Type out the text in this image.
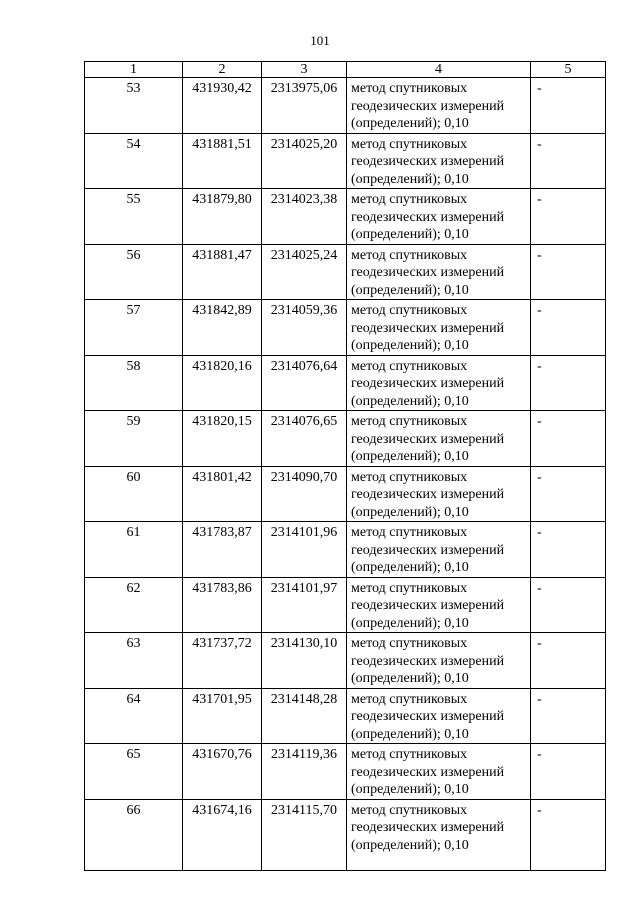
101
1	2	3	4	5
53	431930,42	2313975,06	метод спутниковых геодезических измерений (определений); 0,10	-
54	431881,51	2314025,20	метод спутниковых геодезических измерений (определений); 0,10	-
55	431879,80	2314023,38	метод спутниковых геодезических измерений (определений); 0,10	-
56	431881,47	2314025,24	метод спутниковых геодезических измерений (определений); 0,10	-
57	431842,89	2314059,36	метод спутниковых геодезических измерений (определений); 0,10	-
58	431820,16	2314076,64	метод спутниковых геодезических измерений (определений); 0,10	-
59	431820,15	2314076,65	метод спутниковых геодезических измерений (определений); 0,10	-
60	431801,42	2314090,70	метод спутниковых геодезических измерений (определений); 0,10	-
61	431783,87	2314101,96	метод спутниковых геодезических измерений (определений); 0,10	-
62	431783,86	2314101,97	метод спутниковых геодезических измерений (определений); 0,10	-
63	431737,72	2314130,10	метод спутниковых геодезических измерений (определений); 0,10	-
64	431701,95	2314148,28	метод спутниковых геодезических измерений (определений); 0,10	-
65	431670,76	2314119,36	метод спутниковых геодезических измерений (определений); 0,10	-
66	431674,16	2314115,70	метод спутниковых геодезических измерений (определений); 0,10	-
